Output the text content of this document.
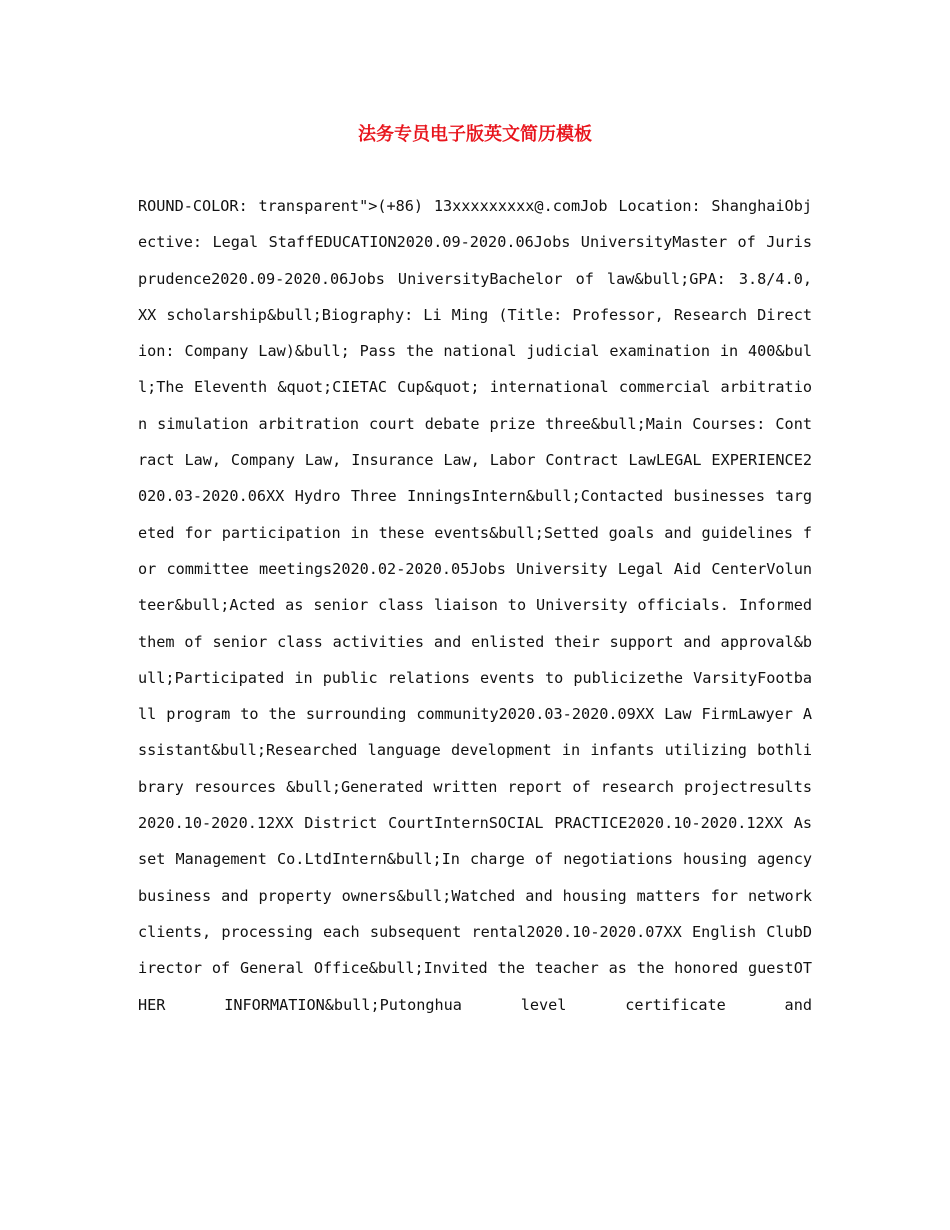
法务专员电子版英文简历模板

ROUND-COLOR: transparent">(+86) 13xxxxxxxxx@.comJob Location: ShanghaiObjective: Legal StaffEDUCATION2020.09-2020.06Jobs UniversityMaster of Jurisprudence2020.09-2020.06Jobs UniversityBachelor of law&bull;GPA: 3.8/4.0, XX scholarship&bull;Biography: Li Ming (Title: Professor, Research Direction: Company Law)&bull; Pass the national judicial examination in 400&bull;The Eleventh &quot;CIETAC Cup&quot; international commercial arbitration simulation arbitration court debate prize three&bull;Main Courses: Contract Law, Company Law, Insurance Law, Labor Contract LawLEGAL EXPERIENCE2020.03-2020.06XX Hydro Three InningsIntern&bull;Contacted businesses targeted for participation in these events&bull;Setted goals and guidelines for committee meetings2020.02-2020.05Jobs University Legal Aid CenterVolunteer&bull;Acted as senior class liaison to University officials. Informedthem of senior class activities and enlisted their support and approval&bull;Participated in public relations events to publicizethe VarsityFootball program to the surrounding community2020.03-2020.09XX Law FirmLawyer Assistant&bull;Researched language development in infants utilizing bothlibrary resources &bull;Generated written report of research projectresults2020.10-2020.12XX District CourtInternSOCIAL PRACTICE2020.10-2020.12XX Asset Management Co.LtdIntern&bull;In charge of negotiations housing agency business and property owners&bull;Watched and housing matters for network clients, processing each subsequent rental2020.10-2020.07XX English ClubDirector of General Office&bull;Invited the teacher as the honored guestOTHER INFORMATION&bull;Putonghua level certificate and
